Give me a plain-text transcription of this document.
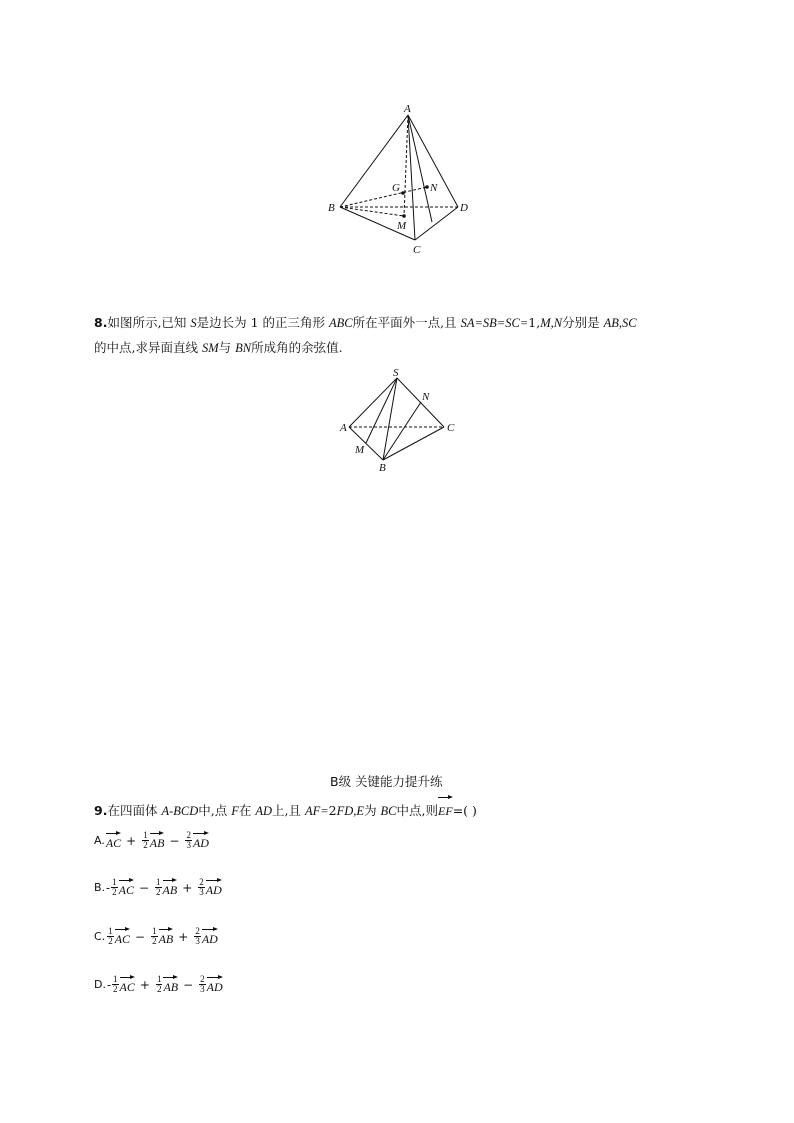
A
B
C
D
G
M
N
8.如图所示,已知 S是边长为 1 的正三角形 ABC所在平面外一点,且 SA=SB=SC=1,M,N分别是 AB,SC
的中点,求异面直线 SM与 BN所成角的余弦值.
S
N
A	C
M
B
B级 关键能力提升练
9.在四面体 A-BCD中,点 F在 AD上,且 AF=2FD,E为 BC中点,则EF=( )
A. AC + $\frac{1}{2}$ AB − $\frac{2}{3}$ AD
B. - $\frac{1}{2}$ AC − $\frac{1}{2}$ AB + $\frac{2}{3}$ AD
C. $\frac{1}{2}$ AC − $\frac{1}{2}$ AB + $\frac{2}{3}$ AD
D. - $\frac{1}{2}$ AC + $\frac{1}{2}$ AB − $\frac{2}{3}$ AD
